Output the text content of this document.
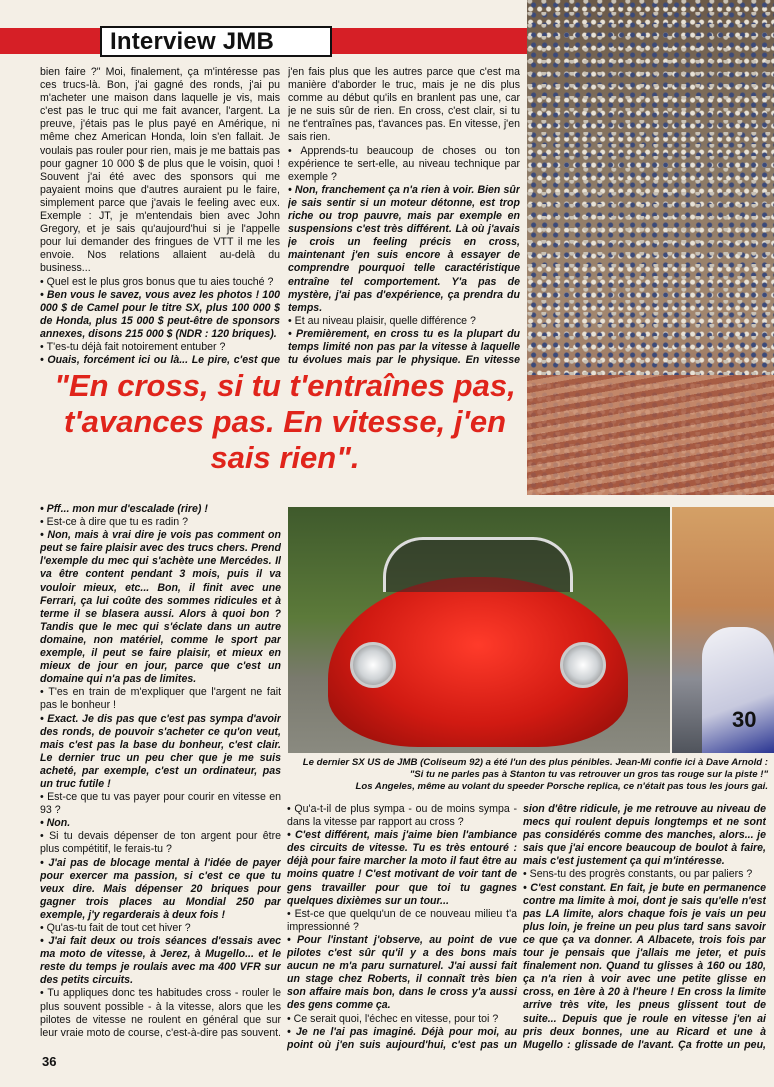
Interview JMB
30

bien faire ?" Moi, finalement, ça m'intéresse pas ces trucs-là. Bon, j'ai gagné des ronds, j'ai pu m'acheter une maison dans laquelle je vis, mais c'est pas le truc qui me fait avancer, l'argent. La preuve, j'étais pas le plus payé en Amérique, ni même chez American Honda, loin s'en fallait. Je voulais pas rouler pour rien, mais je me battais pas pour gagner 10 000 $ de plus que le voisin, quoi ! Souvent j'ai été avec des sponsors qui me payaient moins que d'autres auraient pu le faire, simplement parce que j'avais le feeling avec eux. Exemple : JT, je m'entendais bien avec John Gregory, et je sais qu'aujourd'hui si je l'appelle pour lui demander des fringues de VTT il me les envoie. Nos relations allaient au-delà du business...

• Quel est le plus gros bonus que tu aies touché ?

• Ben vous le savez, vous avez les photos ! 100 000 $ de Camel pour le titre SX, plus 100 000 $ de Honda, plus 15 000 $ peut-être de sponsors annexes, disons 215 000 $ (NDR : 120 briques).

• T'es-tu déjà fait notoirement entuber ?

• Ouais, forcément ici ou là... Le pire, c'est que

j'en fais plus que les autres parce que c'est ma manière d'aborder le truc, mais je ne dis plus comme au début qu'ils en branlent pas une, car je ne suis sûr de rien. En cross, c'est clair, si tu ne t'entraînes pas, t'avances pas. En vitesse, j'en sais rien.

• Apprends-tu beaucoup de choses ou ton expérience te sert-elle, au niveau technique par exemple ?

• Non, franchement ça n'a rien à voir. Bien sûr je sais sentir si un moteur détonne, est trop riche ou trop pauvre, mais par exemple en suspensions c'est très différent. Là où j'avais je crois un feeling précis en cross, maintenant j'en suis encore à essayer de comprendre pourquoi telle caractéristique entraîne tel comportement. Y'a pas de mystère, j'ai pas d'expérience, ça prendra du temps.

• Et au niveau plaisir, quelle différence ?

• Premièrement, en cross tu es la plupart du temps limité non pas par la vitesse à laquelle tu évolues mais par le physique. En vitesse

"En cross, si tu t'entraînes pas, t'avances pas. En vitesse, j'en sais rien".

• Pff... mon mur d'escalade (rire) !

• Est-ce à dire que tu es radin ?

• Non, mais à vrai dire je vois pas comment on peut se faire plaisir avec des trucs chers. Prend l'exemple du mec qui s'achète une Mercédes. Il va être content pendant 3 mois, puis il va vouloir mieux, etc... Bon, il finit avec une Ferrari, ça lui coûte des sommes ridicules et à terme il se blasera aussi. Alors à quoi bon ? Tandis que le mec qui s'éclate dans un autre domaine, non matériel, comme le sport par exemple, il peut se faire plaisir, et mieux en mieux de jour en jour, parce que c'est un domaine qui n'a pas de limites.

• T'es en train de m'expliquer que l'argent ne fait pas le bonheur !

• Exact. Je dis pas que c'est pas sympa d'avoir des ronds, de pouvoir s'acheter ce qu'on veut, mais c'est pas la base du bonheur, c'est clair. Le dernier truc un peu cher que je me suis acheté, par exemple, c'est un ordinateur, pas un truc futile !

• Est-ce que tu vas payer pour courir en vitesse en 93 ?

• Non.

• Si tu devais dépenser de ton argent pour être plus compétitif, le ferais-tu ?

• J'ai pas de blocage mental à l'idée de payer pour exercer ma passion, si c'est ce que tu veux dire. Mais dépenser 20 briques pour gagner trois places au Mondial 250 par exemple, j'y regarderais à deux fois !

• Qu'as-tu fait de tout cet hiver ?

• J'ai fait deux ou trois séances d'essais avec ma moto de vitesse, à Jerez, à Mugello... et le reste du temps je roulais avec ma 400 VFR sur des petits circuits.

• Tu appliques donc tes habitudes cross - rouler le plus souvent possible - à la vitesse, alors que les pilotes de vitesse ne roulent en général que sur leur vraie moto de course, c'est-à-dire pas souvent.

• Qu'a-t-il de plus sympa - ou de moins sympa - dans la vitesse par rapport au cross ?

• C'est différent, mais j'aime bien l'ambiance des circuits de vitesse. Tu es très entouré : déjà pour faire marcher la moto il faut être au moins quatre ! C'est motivant de voir tant de gens travailler pour que toi tu gagnes quelques dixièmes sur un tour...

• Est-ce que quelqu'un de ce nouveau milieu t'a impressionné ?

• Pour l'instant j'observe, au point de vue pilotes c'est sûr qu'il y a des bons mais aucun ne m'a paru surnaturel. J'ai aussi fait un stage chez Roberts, il connaît très bien son affaire mais bon, dans le cross y'a aussi des gens comme ça.

• Ce serait quoi, l'échec en vitesse, pour toi ?

• Je ne l'ai pas imaginé. Déjà pour moi, au point où j'en suis aujourd'hui, c'est pas un

sion d'être ridicule, je me retrouve au niveau de mecs qui roulent depuis longtemps et ne sont pas considérés comme des manches, alors... je sais que j'ai encore beaucoup de boulot à faire, mais c'est justement ça qui m'intéresse.

• Sens-tu des progrès constants, ou par paliers ?

• C'est constant. En fait, je bute en permanence contre ma limite à moi, dont je sais qu'elle n'est pas LA limite, alors chaque fois je vais un peu plus loin, je freine un peu plus tard sans savoir ce que ça va donner. A Albacete, trois fois par tour je pensais que j'allais me jeter, et puis finalement non. Quand tu glisses à 160 ou 180, ça n'a rien à voir avec une petite glisse en cross, en 1ère à 20 à l'heure ! En cross la limite arrive très vite, les pneus glissent tout de suite... Depuis que je roule en vitesse j'en ai pris deux bonnes, une au Ricard et une à Mugello : glissade de l'avant. Ça frotte un peu,

Le dernier SX US de JMB (Coliseum 92) a été l'un des plus pénibles. Jean-Mi confie ici à Dave Arnold :
"Si tu ne parles pas à Stanton tu vas retrouver un gros tas rouge sur la piste !"
Los Angeles, même au volant du speeder Porsche replica, ce n'était pas tous les jours gai.
36
